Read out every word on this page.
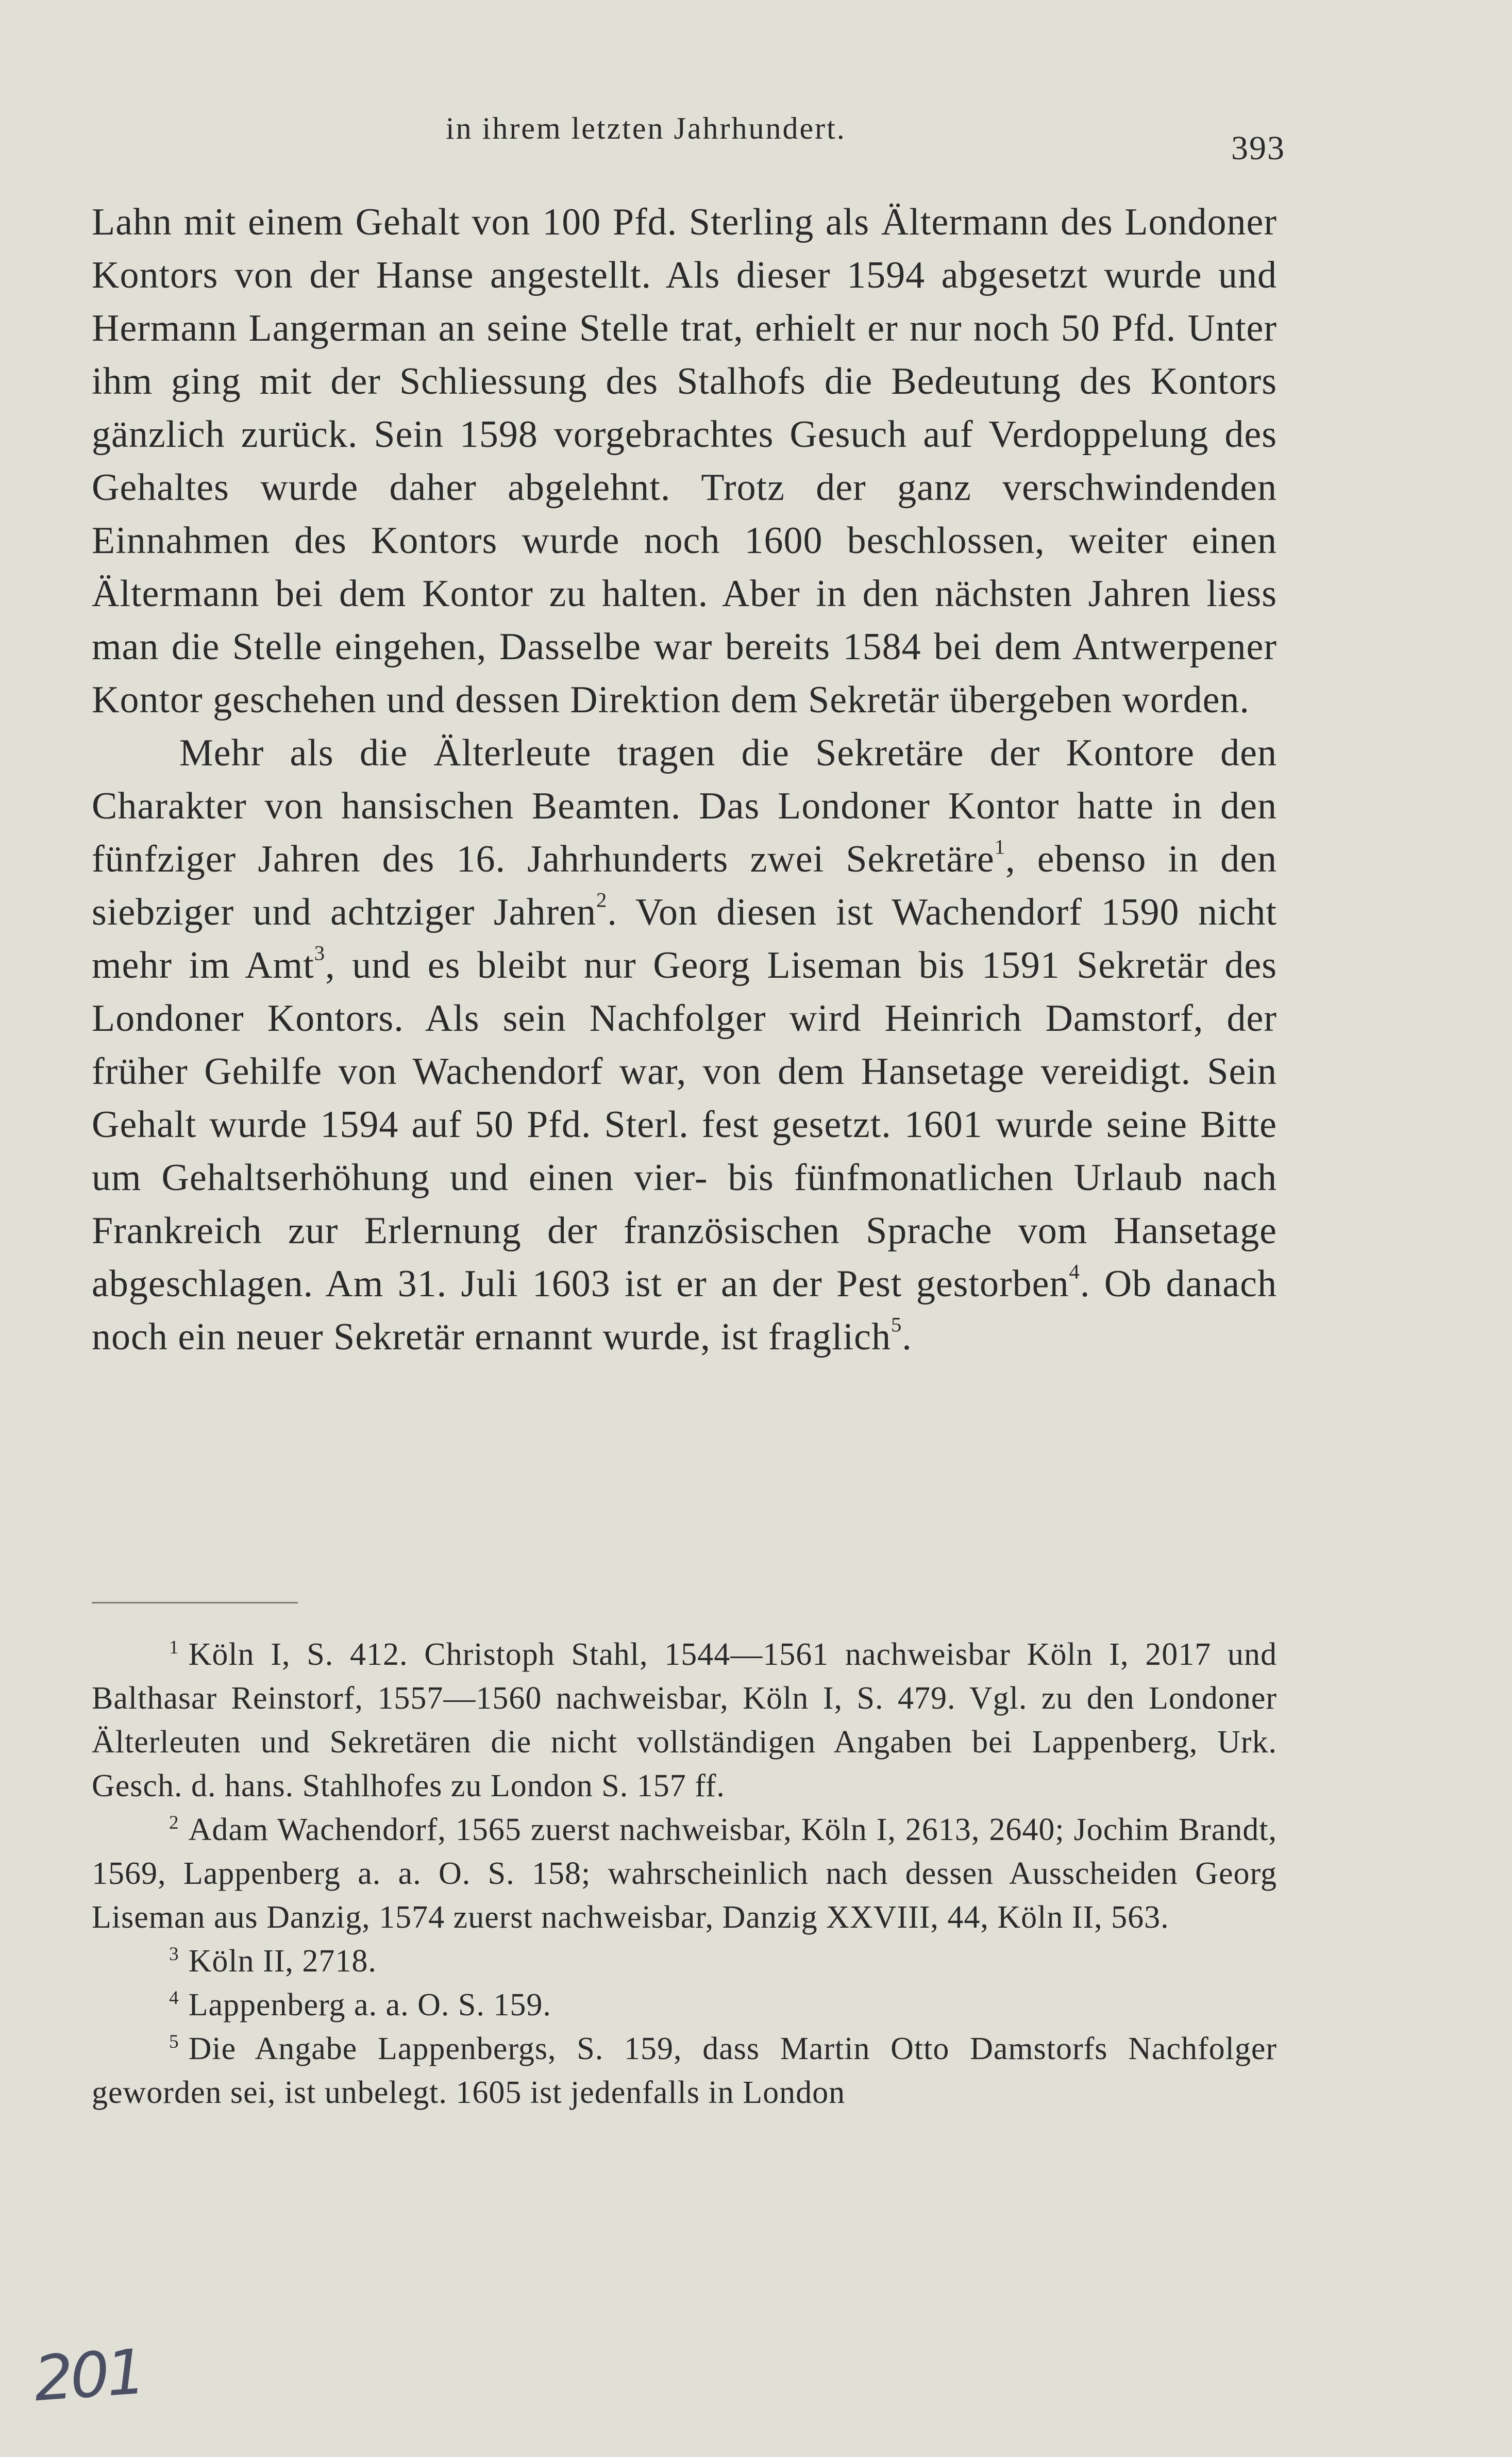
in ihrem letzten Jahrhundert.
393

Lahn mit einem Gehalt von 100 Pfd. Sterling als Ältermann des Londoner Kontors von der Hanse angestellt. Als dieser 1594 abgesetzt wurde und Hermann Langerman an seine Stelle trat, erhielt er nur noch 50 Pfd. Unter ihm ging mit der Schliessung des Stalhofs die Bedeutung des Kontors gänzlich zurück. Sein 1598 vorgebrachtes Gesuch auf Verdoppelung des Gehaltes wurde daher abgelehnt. Trotz der ganz verschwindenden Einnahmen des Kontors wurde noch 1600 beschlossen, weiter einen Ältermann bei dem Kontor zu halten. Aber in den nächsten Jahren liess man die Stelle eingehen, Dasselbe war bereits 1584 bei dem Antwerpener Kontor geschehen und dessen Direktion dem Sekretär übergeben worden.

Mehr als die Älterleute tragen die Sekretäre der Kontore den Charakter von hansischen Beamten. Das Londoner Kontor hatte in den fünfziger Jahren des 16. Jahrhunderts zwei Sekretäre$^1$, ebenso in den siebziger und achtziger Jahren$^2$. Von diesen ist Wachendorf 1590 nicht mehr im Amt$^3$, und es bleibt nur Georg Liseman bis 1591 Sekretär des Londoner Kontors. Als sein Nachfolger wird Heinrich Damstorf, der früher Gehilfe von Wachendorf war, von dem Hansetage vereidigt. Sein Gehalt wurde 1594 auf 50 Pfd. Sterl. fest gesetzt. 1601 wurde seine Bitte um Gehaltserhöhung und einen vier- bis fünfmonatlichen Urlaub nach Frankreich zur Erlernung der französischen Sprache vom Hansetage abgeschlagen. Am 31. Juli 1603 ist er an der Pest gestorben$^4$. Ob danach noch ein neuer Sekretär ernannt wurde, ist fraglich$^5$.

$^1$ Köln I, S. 412. Christoph Stahl, 1544—1561 nachweisbar Köln I, 2017 und Balthasar Reinstorf, 1557—1560 nachweisbar, Köln I, S. 479. Vgl. zu den Londoner Älterleuten und Sekretären die nicht vollständigen Angaben bei Lappenberg, Urk. Gesch. d. hans. Stahlhofes zu London S. 157 ff.

$^2$ Adam Wachendorf, 1565 zuerst nachweisbar, Köln I, 2613, 2640; Jochim Brandt, 1569, Lappenberg a. a. O. S. 158; wahrscheinlich nach dessen Ausscheiden Georg Liseman aus Danzig, 1574 zuerst nachweisbar, Danzig XXVIII, 44, Köln II, 563.

$^3$ Köln II, 2718.

$^4$ Lappenberg a. a. O. S. 159.

$^5$ Die Angabe Lappenbergs, S. 159, dass Martin Otto Damstorfs Nachfolger geworden sei, ist unbelegt. 1605 ist jedenfalls in London

201
